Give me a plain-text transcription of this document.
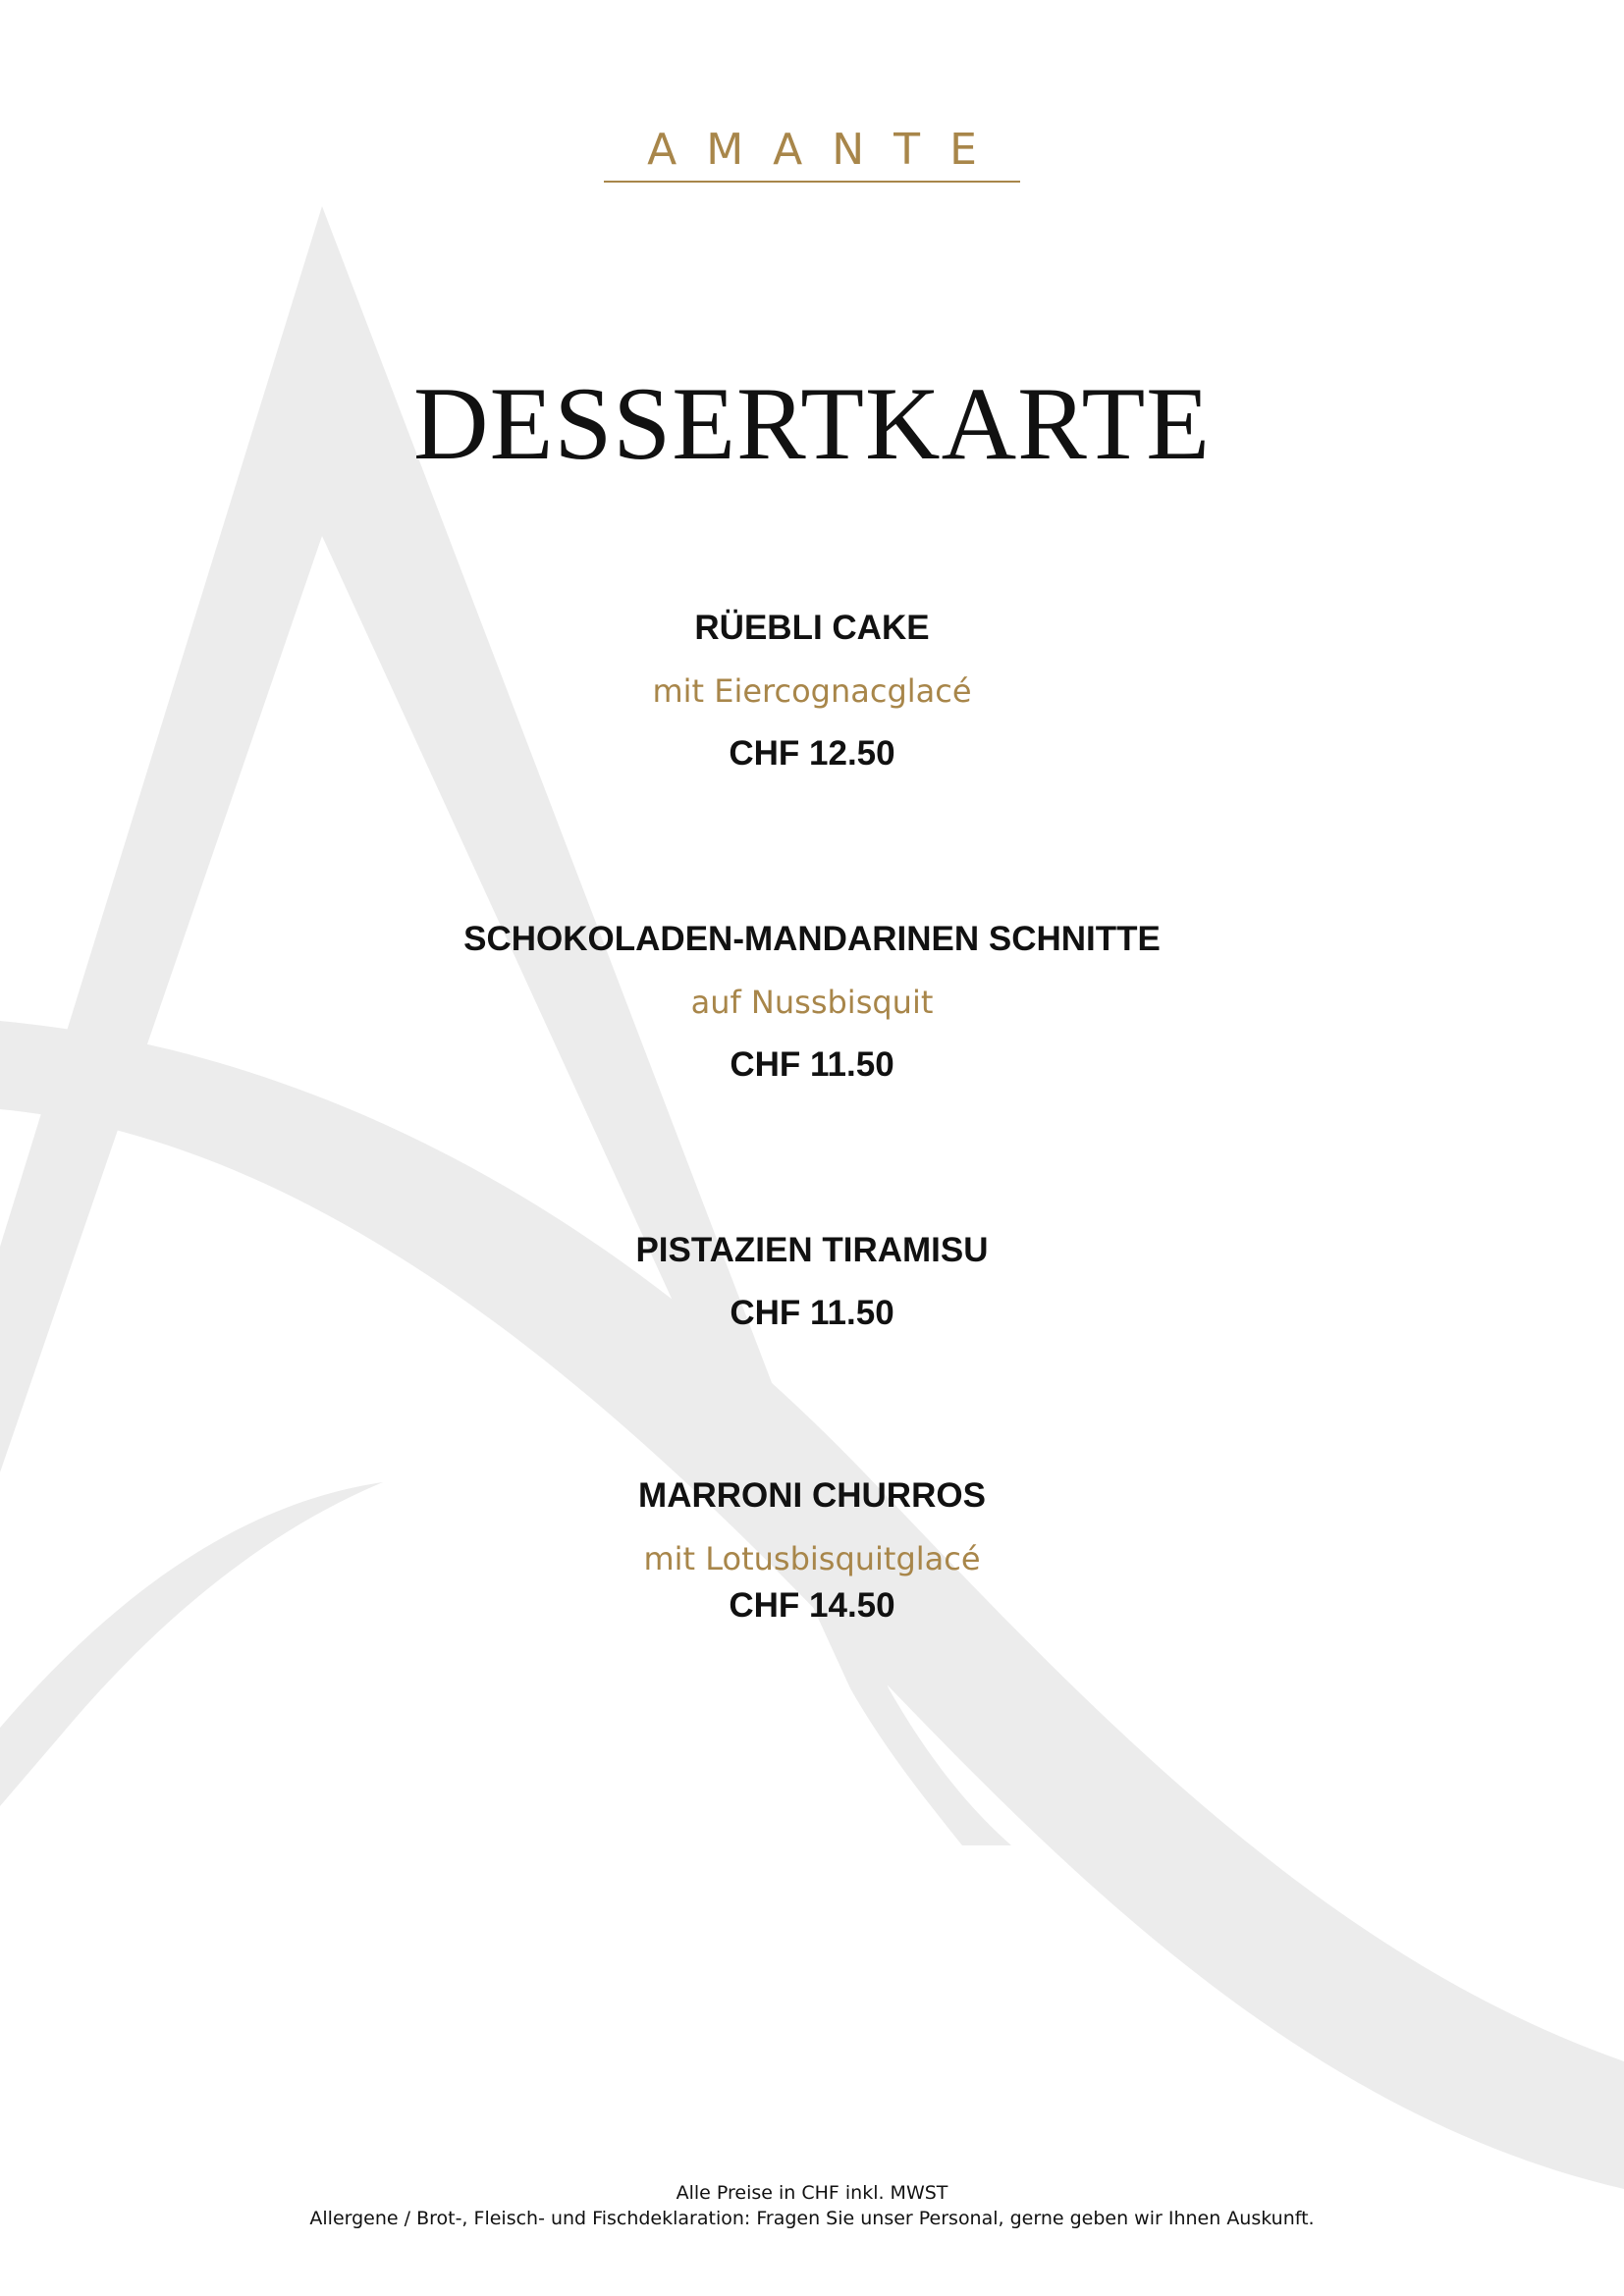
AMANTE
DESSERTKARTE

RÜEBLI CAKE

mit Eiercognacglacé

CHF 12.50

SCHOKOLADEN-MANDARINEN SCHNITTE

auf Nussbisquit

CHF 11.50

PISTAZIEN TIRAMISU

CHF 11.50

MARRONI CHURROS

mit Lotusbisquitglacé

CHF 14.50

Alle Preise in CHF inkl. MWST

Allergene / Brot-, Fleisch- und Fischdeklaration: Fragen Sie unser Personal, gerne geben wir Ihnen Auskunft.
